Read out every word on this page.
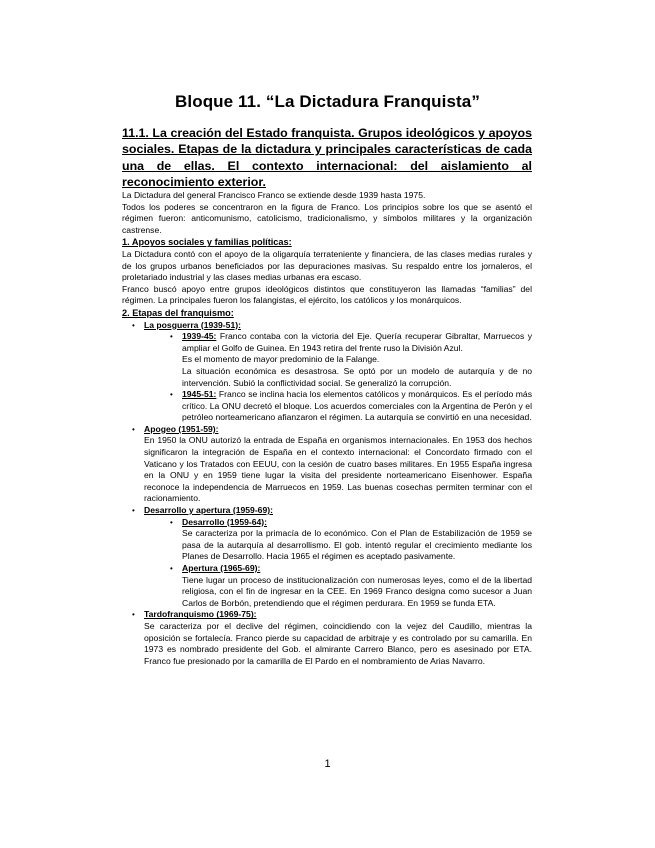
Bloque 11. “La Dictadura Franquista”
11.1. La creación del Estado franquista. Grupos ideológicos y apoyos sociales. Etapas de la dictadura y principales características de cada una de ellas. El contexto internacional: del aislamiento al reconocimiento exterior.

La Dictadura del general Francisco Franco se extiende desde 1939 hasta 1975.

Todos los poderes se concentraron en la figura de Franco. Los principios sobre los que se asentó el régimen fueron: anticomunismo, catolicismo, tradicionalismo, y símbolos militares y la organización castrense.

1. Apoyos sociales y familias políticas:

La Dictadura contó con el apoyo de la oligarquía terrateniente y financiera, de las clases medias rurales y de los grupos urbanos beneficiados por las depuraciones masivas. Su respaldo entre los jornaleros, el proletariado industrial y las clases medias urbanas era escaso.

Franco buscó apoyo entre grupos ideológicos distintos que constituyeron las llamadas “familias” del régimen. La principales fueron los falangistas, el ejército, los católicos y los monárquicos.

2. Etapas del franquismo:

• La posguerra (1939-51):
• 1939-45: Franco contaba con la victoria del Eje. Quería recuperar Gibraltar, Marruecos y ampliar el Golfo de Guinea. En 1943 retira del frente ruso la División Azul.
Es el momento de mayor predominio de la Falange.
La situación económica es desastrosa. Se optó por un modelo de autarquía y de no intervención. Subió la conflictividad social. Se generalizó la corrupción.
• 1945-51: Franco se inclina hacia los elementos católicos y monárquicos. Es el período más crítico. La ONU decretó el bloque. Los acuerdos comerciales con la Argentina de Perón y el petróleo norteamericano afianzaron el régimen. La autarquía se convirtió en una necesidad.
• Apogeo (1951-59):
En 1950 la ONU autorizó la entrada de España en organismos internacionales. En 1953 dos hechos significaron la integración de España en el contexto internacional: el Concordato firmado con el Vaticano y los Tratados con EEUU, con la cesión de cuatro bases militares. En 1955 España ingresa en la ONU y en 1959 tiene lugar la visita del presidente norteamericano Eisenhower. España reconoce la independencia de Marruecos en 1959. Las buenas cosechas permiten terminar con el racionamiento.
• Desarrollo y apertura (1959-69):
• Desarrollo (1959-64):
Se caracteriza por la primacía de lo económico. Con el Plan de Estabilización de 1959 se pasa de la autarquía al desarrollismo. El gob. intentó regular el crecimiento mediante los Planes de Desarrollo. Hacia 1965 el régimen es aceptado pasivamente.
• Apertura (1965-69):
Tiene lugar un proceso de institucionalización con numerosas leyes, como el de la libertad religiosa, con el fin de ingresar en la CEE. En 1969 Franco designa como sucesor a Juan Carlos de Borbón, pretendiendo que el régimen perdurara. En 1959 se funda ETA.
• Tardofranquismo (1969-75):
Se caracteriza por el declive del régimen, coincidiendo con la vejez del Caudillo, mientras la oposición se fortalecía. Franco pierde su capacidad de arbitraje y es controlado por su camarilla. En 1973 es nombrado presidente del Gob. el almirante Carrero Blanco, pero es asesinado por ETA. Franco fue presionado por la camarilla de El Pardo en el nombramiento de Arias Navarro.
1
